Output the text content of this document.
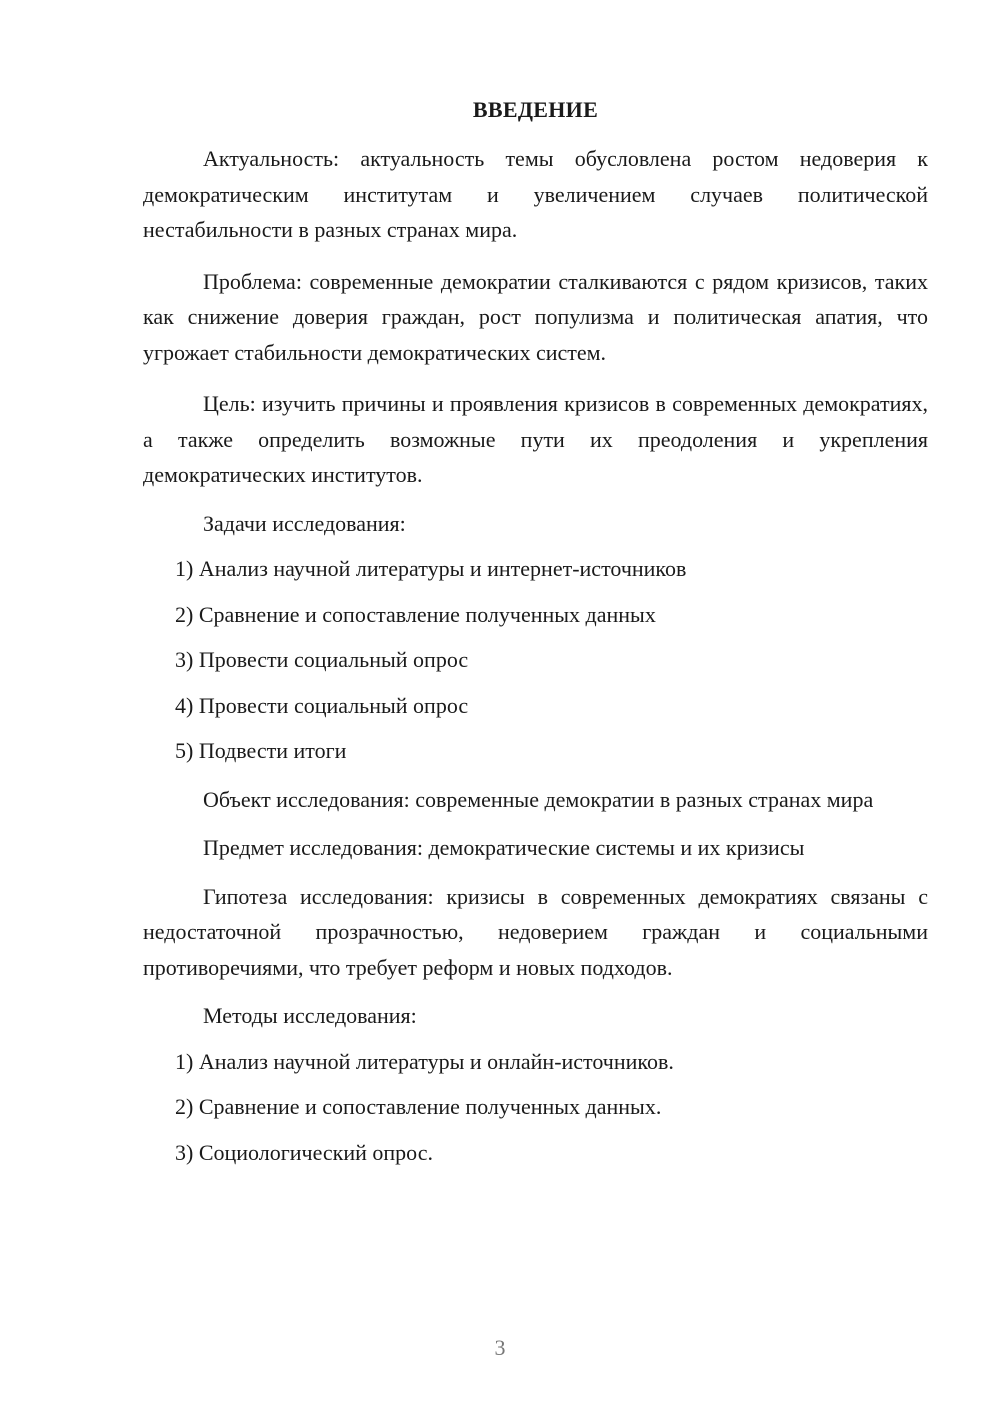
ВВЕДЕНИЕ

Актуальность: актуальность темы обусловлена ростом недоверия к демократическим институтам и увеличением случаев политической нестабильности в разных странах мира.

Проблема: современные демократии сталкиваются с рядом кризисов, таких как снижение доверия граждан, рост популизма и политическая апатия, что угрожает стабильности демократических систем.

Цель: изучить причины и проявления кризисов в современных демократиях, а также определить возможные пути их преодоления и укрепления демократических институтов.

Задачи исследования:

1) Анализ научной литературы и интернет-источников
2) Сравнение и сопоставление полученных данных
3) Провести социальный опрос
4) Провести социальный опрос
5) Подвести итоги

Объект исследования: современные демократии в разных странах мира

Предмет исследования: демократические системы и их кризисы

Гипотеза исследования: кризисы в современных демократиях связаны с недостаточной прозрачностью, недоверием граждан и социальными противоречиями, что требует реформ и новых подходов.

Методы исследования:

1) Анализ научной литературы и онлайн-источников.
2) Сравнение и сопоставление полученных данных.
3) Социологический опрос.
3
